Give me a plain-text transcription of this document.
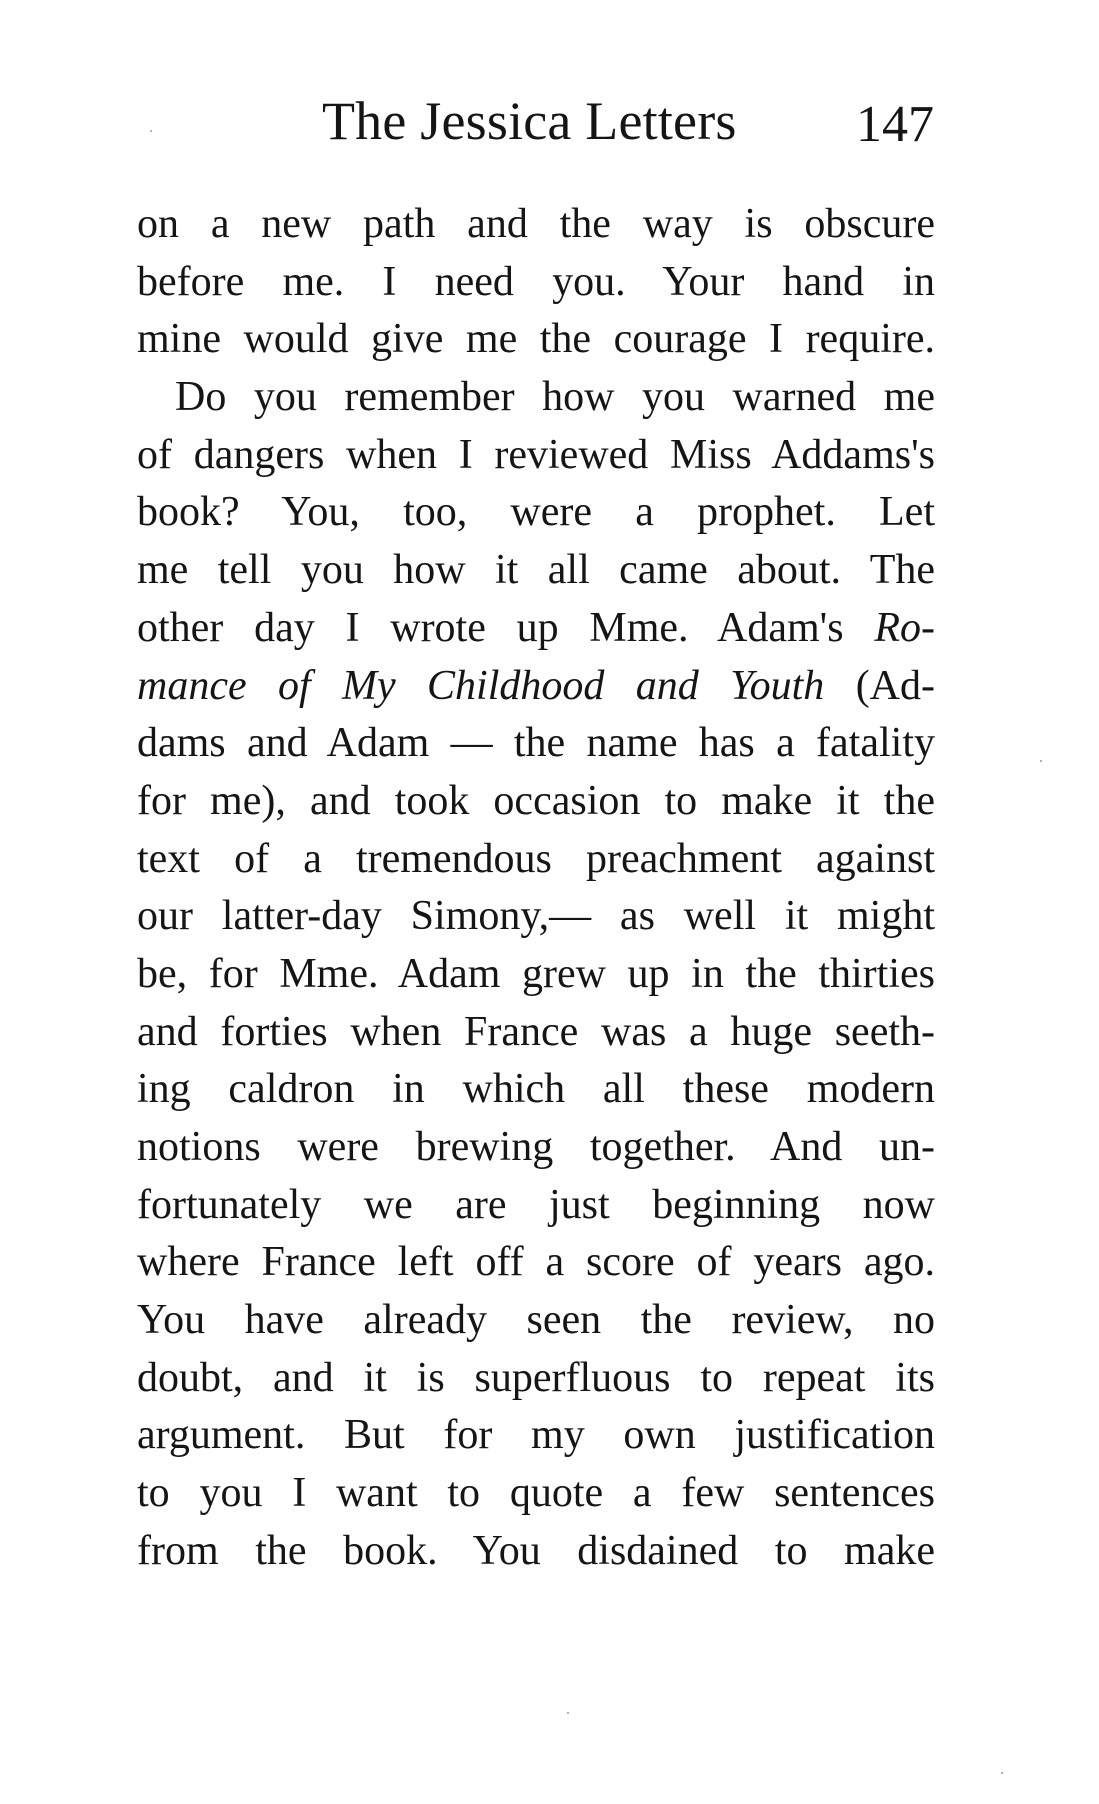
The Jessica Letters 147
on a new path and the way is obscure
before me. I need you. Your hand in
mine would give me the courage I require.
Do you remember how you warned me
of dangers when I reviewed Miss Addams's
book? You, too, were a prophet. Let
me tell you how it all came about. The
other day I wrote up Mme. Adam's Ro-
mance of My Childhood and Youth (Ad-
dams and Adam — the name has a fatality
for me), and took occasion to make it the
text of a tremendous preachment against
our latter-day Simony,— as well it might
be, for Mme. Adam grew up in the thirties
and forties when France was a huge seeth-
ing caldron in which all these modern
notions were brewing together. And un-
fortunately we are just beginning now
where France left off a score of years ago.
You have already seen the review, no
doubt, and it is superfluous to repeat its
argument. But for my own justification
to you I want to quote a few sentences
from the book. You disdained to make
